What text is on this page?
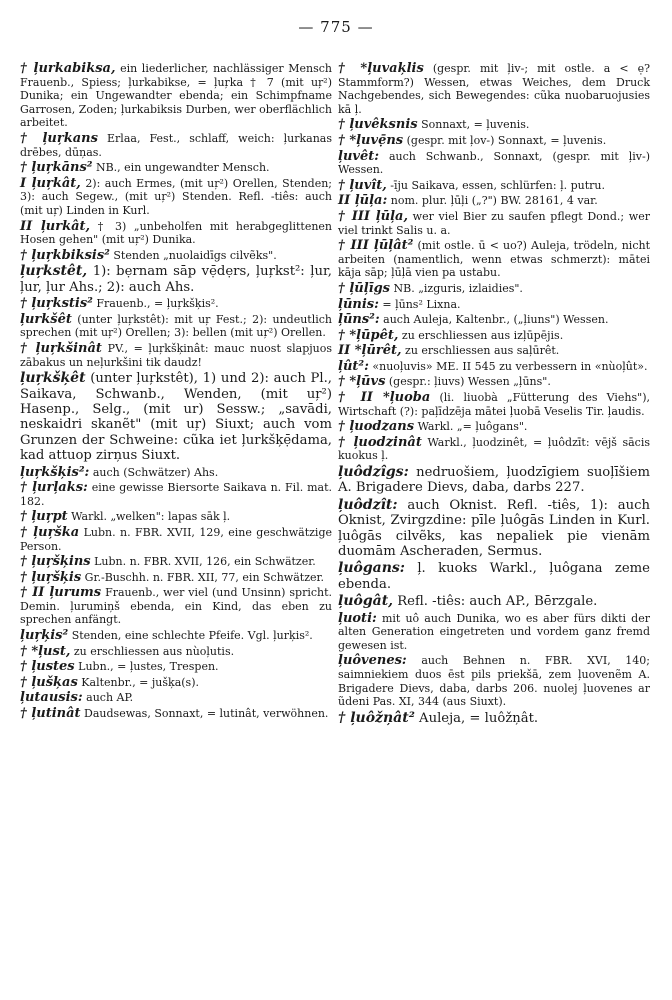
— 775 —

† ļurkabiksa, ein liederlicher, nachlässiger Mensch Frauenb., Spiess; ļurkabikse, = ļuŗka † 7 (mit uŗ²) Dunika; ein Ungewandter ebenda; ein Schimpfname Garrosen, Zoden; ļurkabiksis Durben, wer oberflächlich arbeitet.

† ļuŗkans Erlaa, Fest., schlaff, weich: ļurkanas drēbes, dūņas.

† ļuŗkāns² NB., ein ungewandter Mensch.

I ļuŗkât, 2): auch Ermes, (mit uŗ²) Orellen, Stenden; 3): auch Segew., (mit uŗ²) Stenden. Refl. -tiês: auch (mit uŗ) Linden in Kurl.

II ļurkât, † 3) „unbeholfen mit herabgeglittenen Hosen gehen" (mit uŗ²) Dunika.

† ļuŗkbiksis² Stenden „nuolaidīgs cilvẽks".

ļuŗkstêt, 1): bẹrnam sāp vẹ̄dẹrs, ļuŗkst²: ļur, ļur, ļur Ahs.; 2): auch Ahs.

† ļuŗkstis² Frauenb., = ļuŗkšķis².

ļurkšêt (unter ļuŗkstêt): mit uŗ Fest.; 2): undeutlich sprechen (mit uŗ²) Orellen; 3): bellen (mit uŗ²) Orellen.

† ļuŗkšinât PV., = ļuŗkšķinât: mauc nuost slapjuos zābakus un neļurkšini tik daudz!

ļuŗkšķêt (unter ļuŗkstêt), 1) und 2): auch Pl., Saikava, Schwanb., Wenden, (mit uŗ²) Hasenp., Selg., (mit ur) Sessw.; „savādi, neskaidri skanẽt" (mit uŗ) Siuxt; auch vom Grunzen der Schweine: cũka iet ļurkšķẹ̄dama, kad attuop zirņus Siuxt.

ļuŗkšķis²: auch (Schwätzer) Ahs.

† ļurļaks: eine gewisse Biersorte Saikava n. Fil. mat. 182.

† ļuŗpt Warkl. „welken": lapas sāk ļ.

† ļuŗška Lubn. n. FBR. XVII, 129, eine geschwätzige Person.

† ļuŗšķins Lubn. n. FBR. XVII, 126, ein Schwätzer.

† ļuŗšķis Gr.-Buschh. n. FBR. XII, 77, ein Schwätzer.

† II ļurums Frauenb., wer viel (und Unsinn) spricht. Demin. ļurumiņš ebenda, ein Kind, das eben zu sprechen anfängt.

ļuŗķis² Stenden, eine schlechte Pfeife. Vgl. ļurķis².

† *ļust, zu erschliessen aus nùoļutis.

† ļustes Lubn., = ļustes, Trespen.

† ļušķas Kaltenbr., = jušķa(s).

ļutausis: auch AP.

† ļutinât Daudsewas, Sonnaxt, = lutinât, verwöhnen.

† *ļuvaķlis (gespr. mit ļiv-; mit ostle. a < ẹ? Stammform?) Wessen, etwas Weiches, dem Druck Nachgebendes, sich Bewegendes: cũka nuobaruojusies kā ļ.

† ļuvêksnis Sonnaxt, = ļuvenis.

† *ļuvẹ̄ns (gespr. mit ļov-) Sonnaxt, = ļuvenis.

ļuvêt: auch Schwanb., Sonnaxt, (gespr. mit ļiv-) Wessen.

† ļuvît, -īju Saikava, essen, schlürfen: ļ. putru.

II ļūļa: nom. plur. ļūļi („?") BW. 28161, 4 var.

† III ļūļa, wer viel Bier zu saufen pflegt Dond.; wer viel trinkt Salis u. a.

† III ļūļât² (mit ostle. ū < uo?) Auleja, trödeln, nicht arbeiten (namentlich, wenn etwas schmerzt): mātei kāja sāp; ļūļā vien pa ustabu.

† ļūļīgs NB. „izguris, izlaidies".

ļūnis: = ļūns² Lixna.

ļūns²: auch Auleja, Kaltenbr., („ļiuns") Wessen.

† *ļūpêt, zu erschliessen aus izļūpējis.

II *ļūrêt, zu erschliessen aus saļūrêt.

ļût²: «nuoļuvis» ME. II 545 zu verbessern in «nùoļût».

† *ļūvs (gespr.: ļiuvs) Wessen „ļūns".

† II *ļuoba (li. liuobà „Fütterung des Viehs"), Wirtschaft (?): paļīdzēja mātei ļuobā Veselis Tir. ļaudis.

† ļuodzans Warkl. „= ļuôgans".

† ļuodzinât Warkl., ļuodzinêt, = ļuôdzīt: vējš sācis kuokus ļ.

ļuôdzîgs: nedruošiem, ļuodzīgiem suoļīšiem A. Brigadere Dievs, daba, darbs 227.

ļuôdzît: auch Oknist. Refl. -tiês, 1): auch Oknist, Zvirgzdine: pīle ļuôgās Linden in Kurl. ļuôgās cilvẽks, kas nepaliek pie vienām duomām Ascheraden, Sermus.

ļuôgans: ļ. kuoks Warkl., ļuôgana zeme ebenda.

ļuôgât, Refl. -tiês: auch AP., Bērzgale.

ļuoti: mit uô auch Dunika, wo es aber fürs dikti der alten Generation eingetreten und vordem ganz fremd gewesen ist.

ļuôvenes: auch Behnen n. FBR. XVI, 140; saimniekiem duos ēst pils priekšā, zem ļuovenẽm A. Brigadere Dievs, daba, darbs 206. nuolej ļuovenes ar ũdeni Pas. XI, 344 (aus Siuxt).

† ļuôžņât² Auleja, = luôžņât.
